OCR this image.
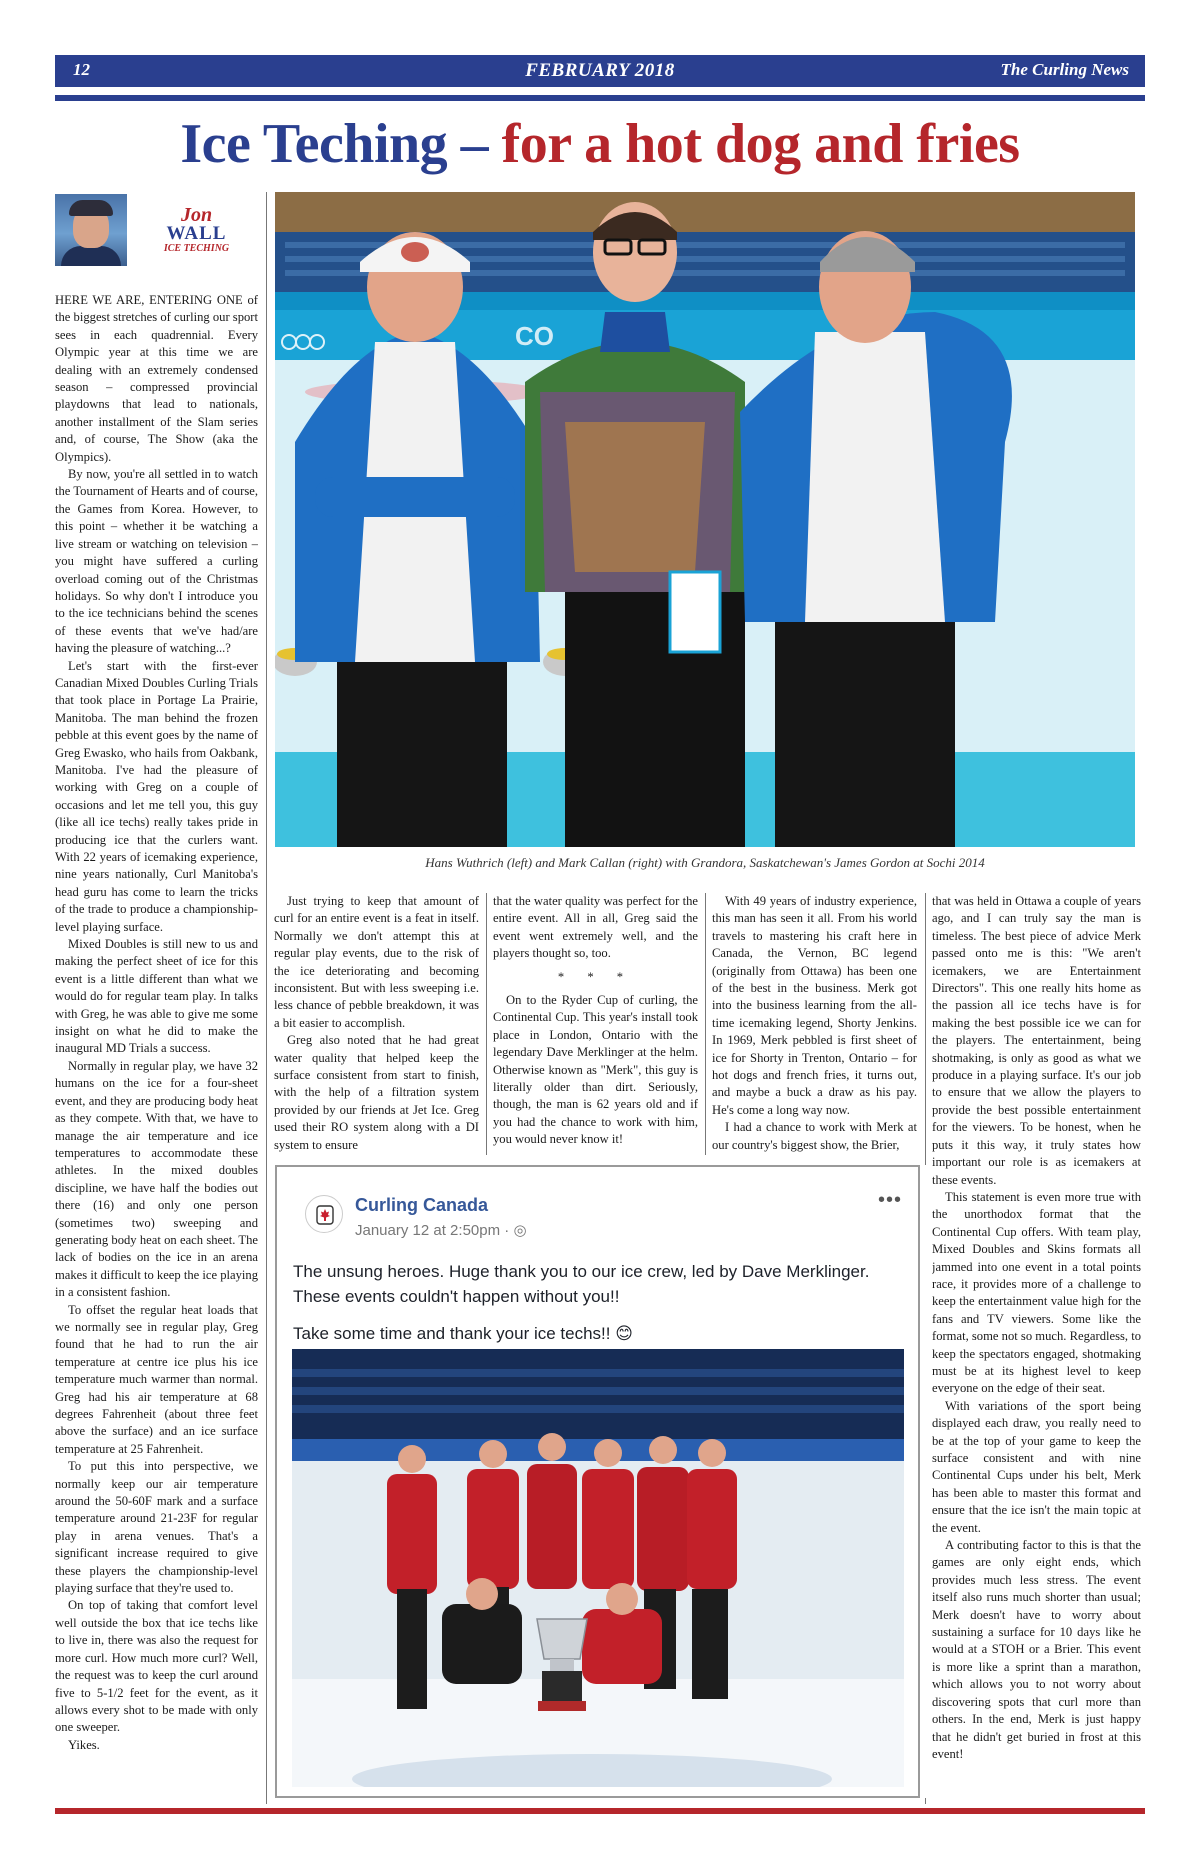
12	FEBRUARY 2018	The Curling News
Ice Teching – for a hot dog and fries
Jon
WALL
ICE TECHING

HERE WE ARE, ENTERING ONE of the biggest stretches of curling our sport sees in each quadrennial. Every Olympic year at this time we are dealing with an extremely condensed season – compressed provincial playdowns that lead to nationals, another installment of the Slam series and, of course, The Show (aka the Olympics).

By now, you're all settled in to watch the Tournament of Hearts and of course, the Games from Korea. However, to this point – whether it be watching a live stream or watching on television – you might have suffered a curling overload coming out of the Christmas holidays. So why don't I introduce you to the ice technicians behind the scenes of these events that we've had/are having the pleasure of watching...?

Let's start with the first-ever Canadian Mixed Doubles Curling Trials that took place in Portage La Prairie, Manitoba. The man behind the frozen pebble at this event goes by the name of Greg Ewasko, who hails from Oakbank, Manitoba. I've had the pleasure of working with Greg on a couple of occasions and let me tell you, this guy (like all ice techs) really takes pride in producing ice that the curlers want. With 22 years of icemaking experience, nine years nationally, Curl Manitoba's head guru has come to learn the tricks of the trade to produce a championship-level playing surface.

Mixed Doubles is still new to us and making the perfect sheet of ice for this event is a little different than what we would do for regular team play. In talks with Greg, he was able to give me some insight on what he did to make the inaugural MD Trials a success.

Normally in regular play, we have 32 humans on the ice for a four-sheet event, and they are producing body heat as they compete. With that, we have to manage the air temperature and ice temperatures to accommodate these athletes. In the mixed doubles discipline, we have half the bodies out there (16) and only one person (sometimes two) sweeping and generating body heat on each sheet. The lack of bodies on the ice in an arena makes it difficult to keep the ice playing in a consistent fashion.

To offset the regular heat loads that we normally see in regular play, Greg found that he had to run the air temperature at centre ice plus his ice temperature much warmer than normal. Greg had his air temperature at 68 degrees Fahrenheit (about three feet above the surface) and an ice surface temperature at 25 Fahrenheit.

To put this into perspective, we normally keep our air temperature around the 50-60F mark and a surface temperature around 21-23F for regular play in arena venues. That's a significant increase required to give these players the championship-level playing surface that they're used to.

On top of taking that comfort level well outside the box that ice techs like to live in, there was also the request for more curl. How much more curl? Well, the request was to keep the curl around five to 5-1/2 feet for the event, as it allows every shot to be made with only one sweeper.

Yikes.

CO
Hans Wuthrich (left) and Mark Callan (right) with Grandora, Saskatchewan's James Gordon at Sochi 2014

Just trying to keep that amount of curl for an entire event is a feat in itself. Normally we don't attempt this at regular play events, due to the risk of the ice deteriorating and becoming inconsistent. But with less sweeping i.e. less chance of pebble breakdown, it was a bit easier to accomplish.

Greg also noted that he had great water quality that helped keep the surface consistent from start to finish, with the help of a filtration system provided by our friends at Jet Ice. Greg used their RO system along with a DI system to ensure

that the water quality was perfect for the entire event. All in all, Greg said the event went extremely well, and the players thought so, too.

* * *

On to the Ryder Cup of curling, the Continental Cup. This year's install took place in London, Ontario with the legendary Dave Merklinger at the helm. Otherwise known as "Merk", this guy is literally older than dirt. Seriously, though, the man is 62 years old and if you had the chance to work with him, you would never know it!

With 49 years of industry experience, this man has seen it all. From his world travels to mastering his craft here in Canada, the Vernon, BC legend (originally from Ottawa) has been one of the best in the business. Merk got into the business learning from the all-time icemaking legend, Shorty Jenkins. In 1969, Merk pebbled is first sheet of ice for Shorty in Trenton, Ontario – for hot dogs and french fries, it turns out, and maybe a buck a draw as his pay. He's come a long way now.

I had a chance to work with Merk at our country's biggest show, the Brier,

that was held in Ottawa a couple of years ago, and I can truly say the man is timeless. The best piece of advice Merk passed onto me is this: "We aren't icemakers, we are Entertainment Directors". This one really hits home as the passion all ice techs have is for making the best possible ice we can for the players. The entertainment, being shotmaking, is only as good as what we produce in a playing surface. It's our job to ensure that we allow the players to provide the best possible entertainment for the viewers. To be honest, when he puts it this way, it truly states how important our role is as icemakers at these events.

This statement is even more true with the unorthodox format that the Continental Cup offers. With team play, Mixed Doubles and Skins formats all jammed into one event in a total points race, it provides more of a challenge to keep the entertainment value high for the fans and TV viewers. Some like the format, some not so much. Regardless, to keep the spectators engaged, shotmaking must be at its highest level to keep everyone on the edge of their seat.

With variations of the sport being displayed each draw, you really need to be at the top of your game to keep the surface consistent and with nine Continental Cups under his belt, Merk has been able to master this format and ensure that the ice isn't the main topic at the event.

A contributing factor to this is that the games are only eight ends, which provides much less stress. The event itself also runs much shorter than usual; Merk doesn't have to worry about sustaining a surface for 10 days like he would at a STOH or a Brier. This event is more like a sprint than a marathon, which allows you to not worry about discovering spots that curl more than others. In the end, Merk is just happy that he didn't get buried in frost at this event!

Curling Canada
January 12 at 2:50pm · ◎
•••

The unsung heroes. Huge thank you to our ice crew, led by Dave Merklinger. These events couldn't happen without you!!

Take some time and thank your ice techs!! 😊
